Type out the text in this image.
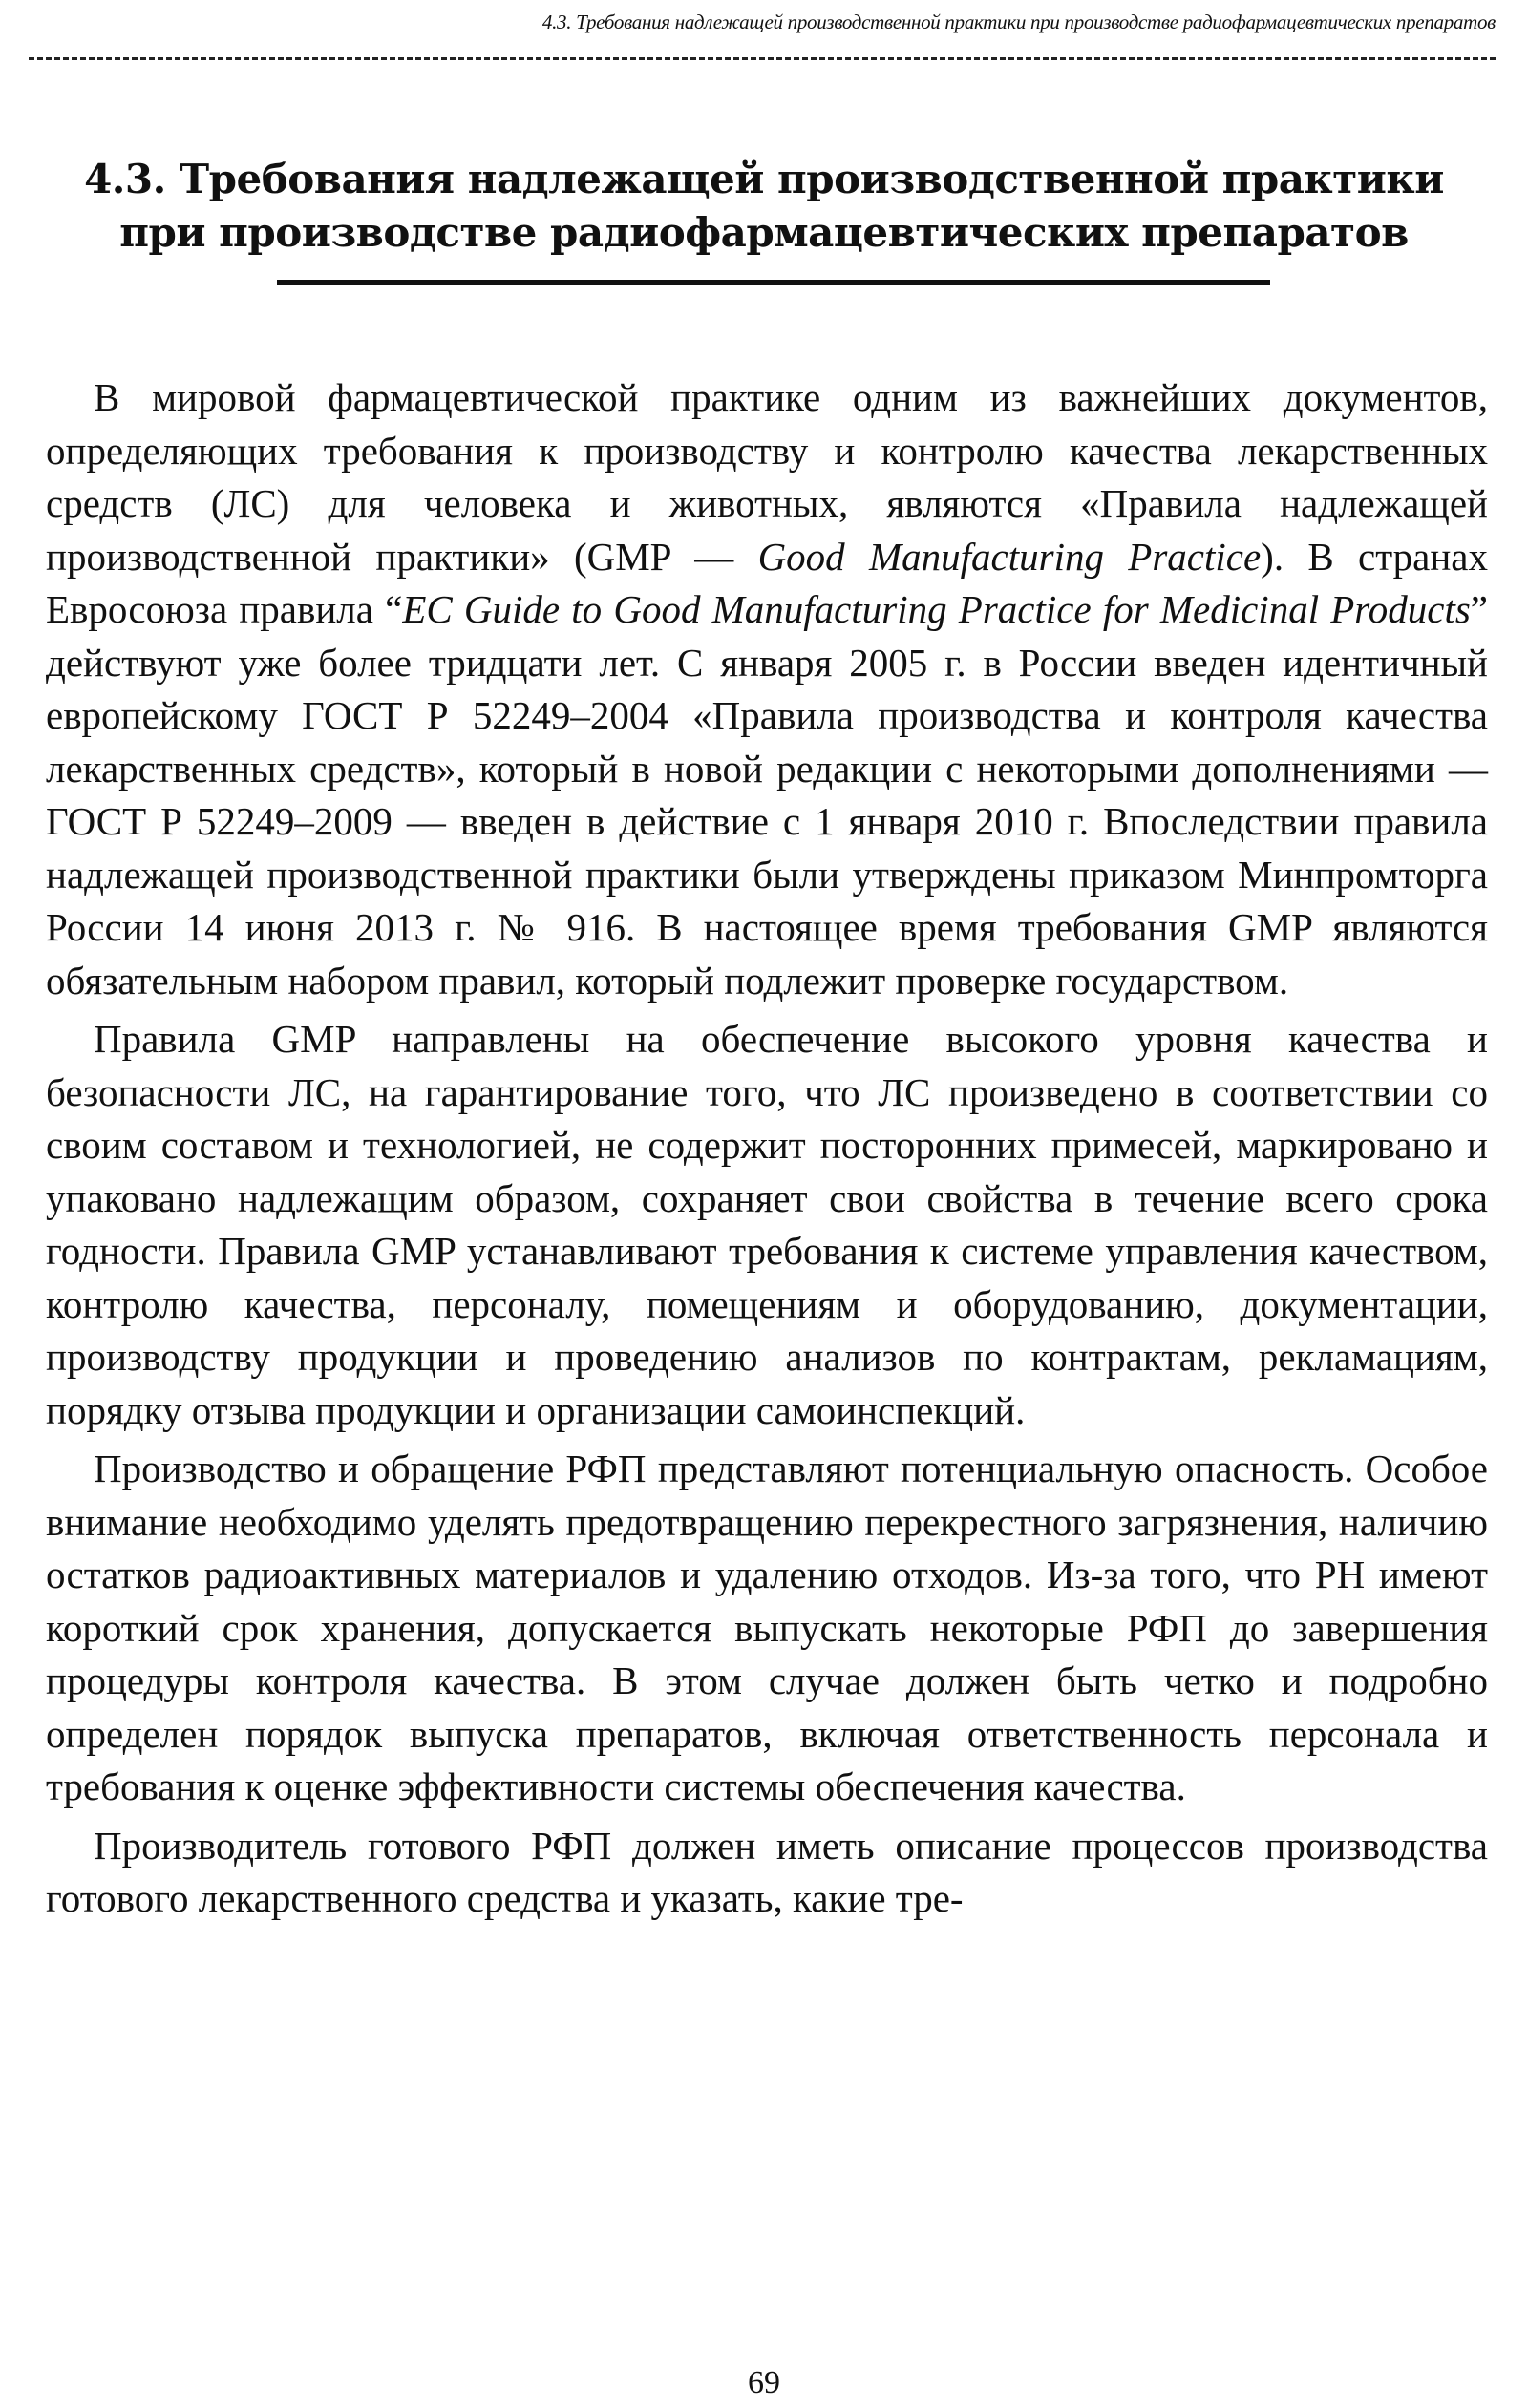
4.3. Требования надлежащей производственной практики при производстве радиофармацевтических препаратов
4.3. Требования надлежащей производственной практики
при производстве радиофармацевтических препаратов

В мировой фармацевтической практике одним из важнейших документов, определяющих требования к производству и контролю качества лекарственных средств (ЛС) для человека и животных, являются «Правила надлежащей производственной практики» (GMP — Good Manufacturing Practice). В странах Евросоюза правила “EC Guide to Good Manufacturing Practice for Medicinal Products” действуют уже более тридцати лет. С января 2005 г. в России введен идентичный европейскому ГОСТ Р 52249–2004 «Правила производства и контроля качества лекарственных средств», который в новой редакции с некоторыми дополнениями — ГОСТ Р 52249–2009 — введен в действие с 1 января 2010 г. Впоследствии правила надлежащей производственной практики были утверждены приказом Минпромторга России 14 июня 2013 г. № 916. В настоящее время требования GMP являются обязательным набором правил, который подлежит проверке государством.

Правила GMP направлены на обеспечение высокого уровня качества и безопасности ЛС, на гарантирование того, что ЛС произведено в соответствии со своим составом и технологией, не содержит посторонних примесей, маркировано и упаковано надлежащим образом, сохраняет свои свойства в течение всего срока годности. Правила GMP устанавливают требования к системе управления качеством, контролю качества, персоналу, помещениям и оборудованию, документации, производству продукции и проведению анализов по контрактам, рекламациям, порядку отзыва продукции и организации самоинспекций.

Производство и обращение РФП представляют потенциальную опасность. Особое внимание необходимо уделять предотвращению перекрестного загрязнения, наличию остатков радиоактивных материалов и удалению отходов. Из-за того, что РН имеют короткий срок хранения, допускается выпускать некоторые РФП до завершения процедуры контроля качества. В этом случае должен быть четко и подробно определен порядок выпуска препаратов, включая ответственность персонала и требования к оценке эффективности системы обеспечения качества.

Производитель готового РФП должен иметь описание процессов производства готового лекарственного средства и указать, какие тре-

69
